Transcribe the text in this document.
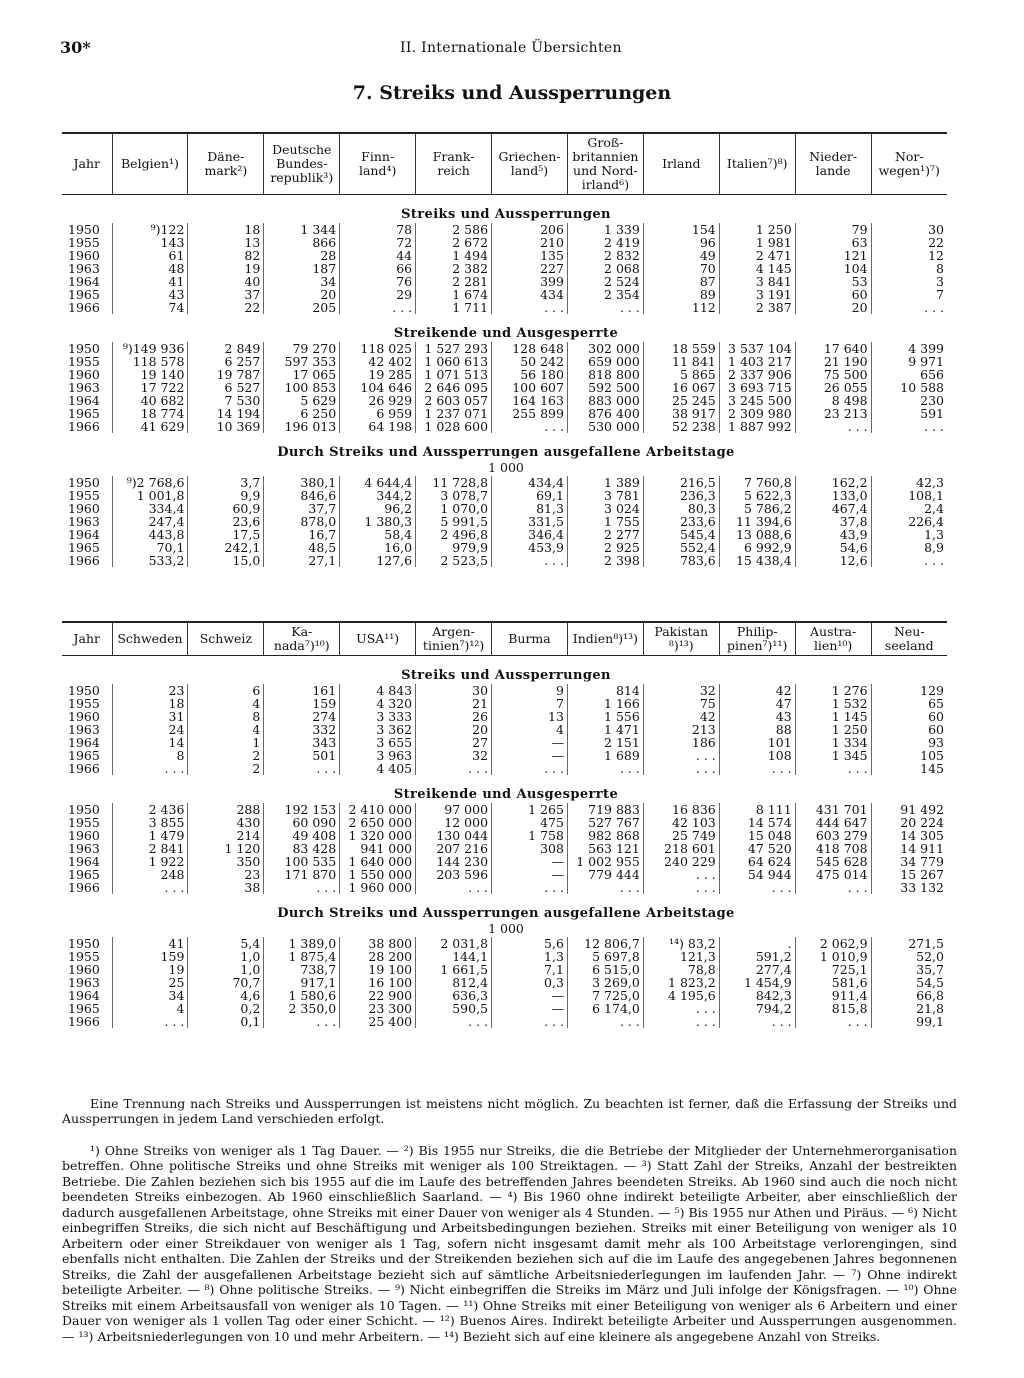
30*	II. Internationale Übersichten
7. Streiks und Aussperrungen
Jahr	Belgien¹)	Däne-
mark²)	Deutsche
Bundes-
republik³)	Finn-
land⁴)	Frank-
reich	Griechen-
land⁵)	Groß-
britannien
und Nord-
irland⁶)	Irland	Italien⁷)⁸)	Nieder-
lande	Nor-
wegen¹)⁷)
Streiks und Aussperrungen											
1950	⁹)122	18	1 344	78	2 586	206	1 339	154	1 250	79	30
1955	143	13	866	72	2 672	210	2 419	96	1 981	63	22
1960	61	82	28	44	1 494	135	2 832	49	2 471	121	12
1963	48	19	187	66	2 382	227	2 068	70	4 145	104	8
1964	41	40	34	76	2 281	399	2 524	87	3 841	53	3
1965	43	37	20	29	1 674	434	2 354	89	3 191	60	7
1966	74	22	205	. . .	1 711	. . .	. . .	112	2 387	20	. . .
Streikende und Ausgesperrte											
1950	⁹)149 936	2 849	79 270	118 025	1 527 293	128 648	302 000	18 559	3 537 104	17 640	4 399
1955	118 578	6 257	597 353	42 402	1 060 613	50 242	659 000	11 841	1 403 217	21 190	9 971
1960	19 140	19 787	17 065	19 285	1 071 513	56 180	818 800	5 865	2 337 906	75 500	656
1963	17 722	6 527	100 853	104 646	2 646 095	100 607	592 500	16 067	3 693 715	26 055	10 588
1964	40 682	7 530	5 629	26 929	2 603 057	164 163	883 000	25 245	3 245 500	8 498	230
1965	18 774	14 194	6 250	6 959	1 237 071	255 899	876 400	38 917	2 309 980	23 213	591
1966	41 629	10 369	196 013	64 198	1 028 600	. . .	530 000	52 238	1 887 992	. . .	. . .
Durch Streiks und Aussperrungen ausgefallene Arbeitstage											
1 000											
1950	⁹)2 768,6	3,7	380,1	4 644,4	11 728,8	434,4	1 389	216,5	7 760,8	162,2	42,3
1955	1 001,8	9,9	846,6	344,2	3 078,7	69,1	3 781	236,3	5 622,3	133,0	108,1
1960	334,4	60,9	37,7	96,2	1 070,0	81,3	3 024	80,3	5 786,2	467,4	2,4
1963	247,4	23,6	878,0	1 380,3	5 991,5	331,5	1 755	233,6	11 394,6	37,8	226,4
1964	443,8	17,5	16,7	58,4	2 496,8	346,4	2 277	545,4	13 088,6	43,9	1,3
1965	70,1	242,1	48,5	16,0	979,9	453,9	2 925	552,4	6 992,9	54,6	8,9
1966	533,2	15,0	27,1	127,6	2 523,5	. . .	2 398	783,6	15 438,4	12,6	. . .
Jahr	Schweden	Schweiz	Ka-
nada⁷)¹⁰)	USA¹¹)	Argen-
tinien⁷)¹²)	Burma	Indien⁸)¹³)	Pakistan
⁸)¹³)	Philip-
pinen⁷)¹¹)	Austra-
lien¹⁰)	Neu-
seeland
Streiks und Aussperrungen											
1950	23	6	161	4 843	30	9	814	32	42	1 276	129
1955	18	4	159	4 320	21	7	1 166	75	47	1 532	65
1960	31	8	274	3 333	26	13	1 556	42	43	1 145	60
1963	24	4	332	3 362	20	4	1 471	213	88	1 250	60
1964	14	1	343	3 655	27	—	2 151	186	101	1 334	93
1965	8	2	501	3 963	32	—	1 689	. . .	108	1 345	105
1966	. . .	2	. . .	4 405	. . .	. . .	. . .	. . .	. . .	. . .	145
Streikende und Ausgesperrte											
1950	2 436	288	192 153	2 410 000	97 000	1 265	719 883	16 836	8 111	431 701	91 492
1955	3 855	430	60 090	2 650 000	12 000	475	527 767	42 103	14 574	444 647	20 224
1960	1 479	214	49 408	1 320 000	130 044	1 758	982 868	25 749	15 048	603 279	14 305
1963	2 841	1 120	83 428	941 000	207 216	308	563 121	218 601	47 520	418 708	14 911
1964	1 922	350	100 535	1 640 000	144 230	—	1 002 955	240 229	64 624	545 628	34 779
1965	248	23	171 870	1 550 000	203 596	—	779 444	. . .	54 944	475 014	15 267
1966	. . .	38	. . .	1 960 000	. . .	. . .	. . .	. . .	. . .	. . .	33 132
Durch Streiks und Aussperrungen ausgefallene Arbeitstage											
1 000											
1950	41	5,4	1 389,0	38 800	2 031,8	5,6	12 806,7	¹⁴) 83,2	.	2 062,9	271,5
1955	159	1,0	1 875,4	28 200	144,1	1,3	5 697,8	121,3	591,2	1 010,9	52,0
1960	19	1,0	738,7	19 100	1 661,5	7,1	6 515,0	78,8	277,4	725,1	35,7
1963	25	70,7	917,1	16 100	812,4	0,3	3 269,0	1 823,2	1 454,9	581,6	54,5
1964	34	4,6	1 580,6	22 900	636,3	—	7 725,0	4 195,6	842,3	911,4	66,8
1965	4	0,2	2 350,0	23 300	590,5	—	6 174,0	. . .	794,2	815,8	21,8
1966	. . .	0,1	. . .	25 400	. . .	. . .	. . .	. . .	. . .	. . .	99,1

Eine Trennung nach Streiks und Aussperrungen ist meistens nicht möglich. Zu beachten ist ferner, daß die Erfassung der Streiks und Aussperrungen in jedem Land verschieden erfolgt.

¹) Ohne Streiks von weniger als 1 Tag Dauer. — ²) Bis 1955 nur Streiks, die die Betriebe der Mitglieder der Unternehmerorganisation betreffen. Ohne politische Streiks und ohne Streiks mit weniger als 100 Streiktagen. — ³) Statt Zahl der Streiks, Anzahl der bestreikten Betriebe. Die Zahlen beziehen sich bis 1955 auf die im Laufe des betreffenden Jahres beendeten Streiks. Ab 1960 sind auch die noch nicht beendeten Streiks einbezogen. Ab 1960 einschließlich Saarland. — ⁴) Bis 1960 ohne indirekt beteiligte Arbeiter, aber einschließlich der dadurch ausgefallenen Arbeitstage, ohne Streiks mit einer Dauer von weniger als 4 Stunden. — ⁵) Bis 1955 nur Athen und Piräus. — ⁶) Nicht einbegriffen Streiks, die sich nicht auf Beschäftigung und Arbeitsbedingungen beziehen. Streiks mit einer Beteiligung von weniger als 10 Arbeitern oder einer Streikdauer von weniger als 1 Tag, sofern nicht insgesamt damit mehr als 100 Arbeitstage verlorengingen, sind ebenfalls nicht enthalten. Die Zahlen der Streiks und der Streikenden beziehen sich auf die im Laufe des angegebenen Jahres begonnenen Streiks, die Zahl der ausgefallenen Arbeitstage bezieht sich auf sämtliche Arbeitsniederlegungen im laufenden Jahr. — ⁷) Ohne indirekt beteiligte Arbeiter. — ⁸) Ohne politische Streiks. — ⁹) Nicht einbegriffen die Streiks im März und Juli infolge der Königsfragen. — ¹⁰) Ohne Streiks mit einem Arbeitsausfall von weniger als 10 Tagen. — ¹¹) Ohne Streiks mit einer Beteiligung von weniger als 6 Arbeitern und einer Dauer von weniger als 1 vollen Tag oder einer Schicht. — ¹²) Buenos Aires. Indirekt beteiligte Arbeiter und Aussperrungen ausgenommen. — ¹³) Arbeitsniederlegungen von 10 und mehr Arbeitern. — ¹⁴) Bezieht sich auf eine kleinere als angegebene Anzahl von Streiks.
